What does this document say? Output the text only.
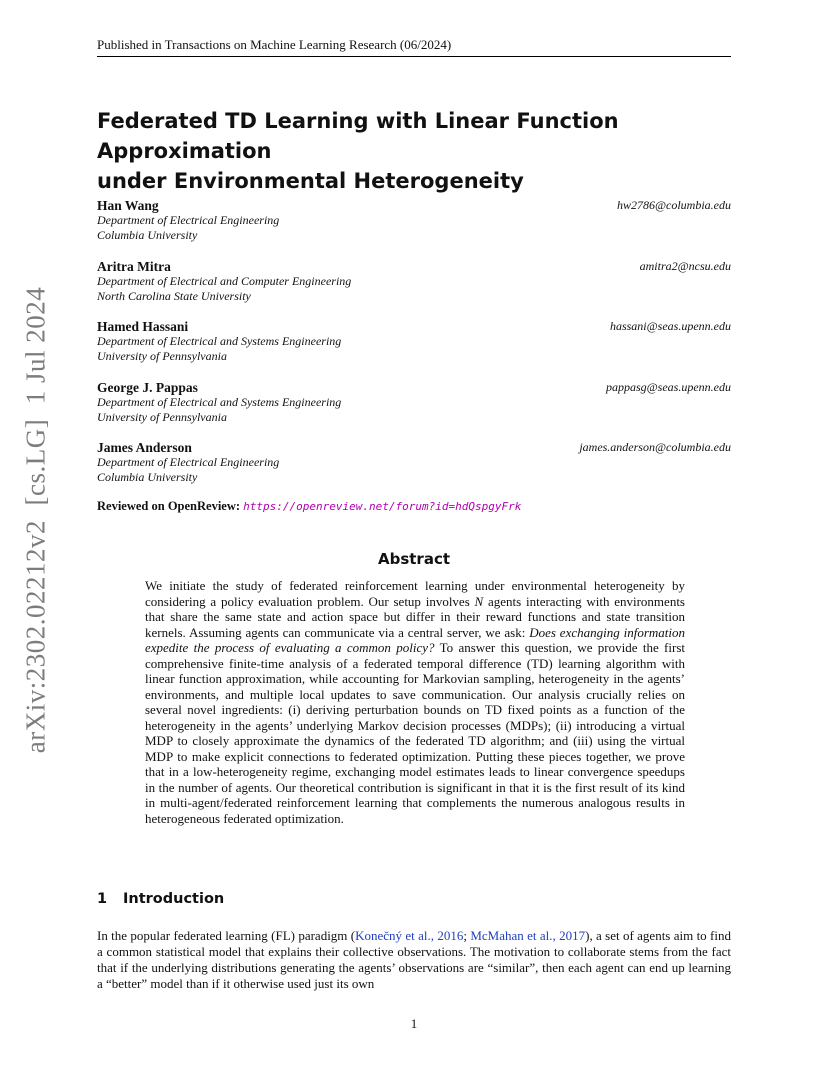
Published in Transactions on Machine Learning Research (06/2024)
Federated TD Learning with Linear Function Approximation
under Environmental Heterogeneity
Han Wang	hw2786@columbia.edu
Department of Electrical Engineering
Columbia University
Aritra Mitra	amitra2@ncsu.edu
Department of Electrical and Computer Engineering
North Carolina State University
Hamed Hassani	hassani@seas.upenn.edu
Department of Electrical and Systems Engineering
University of Pennsylvania
George J. Pappas	pappasg@seas.upenn.edu
Department of Electrical and Systems Engineering
University of Pennsylvania
James Anderson	james.anderson@columbia.edu
Department of Electrical Engineering
Columbia University
Reviewed on OpenReview: https://openreview.net/forum?id=hdQspgyFrk
Abstract

We initiate the study of federated reinforcement learning under environmental heterogeneity by considering a policy evaluation problem. Our setup involves N agents interacting with environments that share the same state and action space but differ in their reward functions and state transition kernels. Assuming agents can communicate via a central server, we ask: Does exchanging information expedite the process of evaluating a common policy? To answer this question, we provide the first comprehensive finite-time analysis of a federated temporal difference (TD) learning algorithm with linear function approximation, while accounting for Markovian sampling, heterogeneity in the agents’ environments, and multiple local updates to save communication. Our analysis crucially relies on several novel ingredients: (i) deriving perturbation bounds on TD fixed points as a function of the heterogeneity in the agents’ underlying Markov decision processes (MDPs); (ii) introducing a virtual MDP to closely approximate the dynamics of the federated TD algorithm; and (iii) using the virtual MDP to make explicit connections to federated optimization. Putting these pieces together, we prove that in a low-heterogeneity regime, exchanging model estimates leads to linear convergence speedups in the number of agents. Our theoretical contribution is significant in that it is the first result of its kind in multi-agent/federated reinforcement learning that complements the numerous analogous results in heterogeneous federated optimization.

1 Introduction

In the popular federated learning (FL) paradigm (Konečný et al., 2016; McMahan et al., 2017), a set of agents aim to find a common statistical model that explains their collective observations. The motivation to collaborate stems from the fact that if the underlying distributions generating the agents’ observations are “similar”, then each agent can end up learning a “better” model than if it otherwise used just its own

1
arXiv:2302.02212v2  [cs.LG]  1 Jul 2024
